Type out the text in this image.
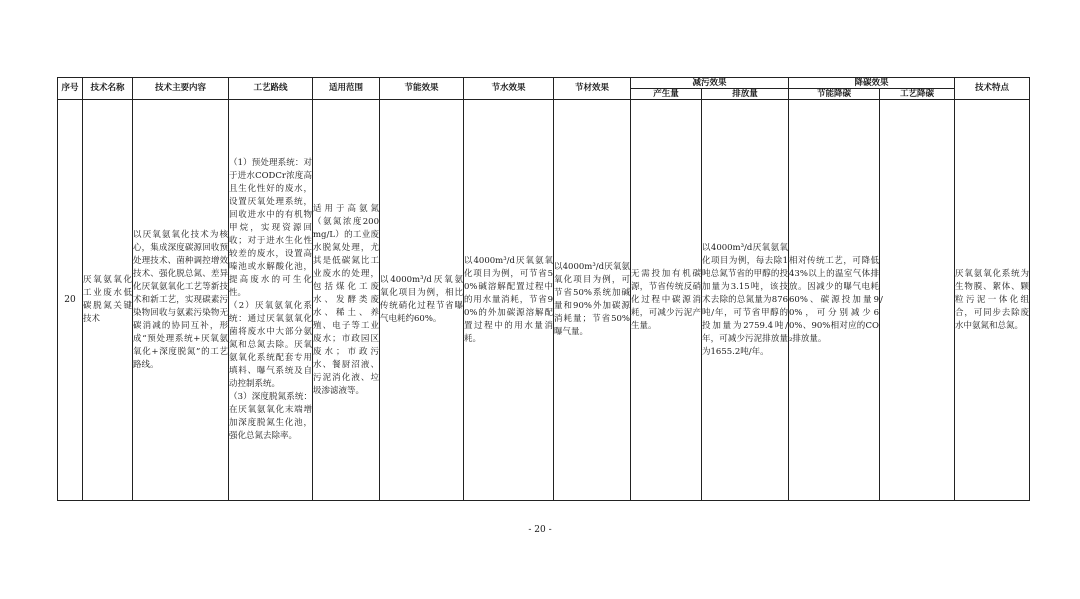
序号	技术名称	技术主要内容	工艺路线	适用范围	节能效果	节水效果	节材效果	减污效果		降碳效果		技术特点
								产生量	排放量	节能降碳	工艺降碳	
20	厌氧氨氧化工业废水低碳脱氮关键技术	以厌氧氨氧化技术为核心，集成深度碳源回收预处理技术、菌种调控增效技术、强化脱总氮、差异化厌氧氨氧化工艺等新技术和新工艺，实现碳素污染物回收与氨素污染物无碳消减的协同互补，形成“预处理系统+厌氧氨氧化+深度脱氮”的工艺路线。	（1）预处理系统：对于进水CODCr浓度高且生化性好的废水，设置厌氧处理系统，回收进水中的有机物甲烷，实现资源回收；对于进水生化性较差的废水，设置高嗪池或水解酸化池，提高废水的可生化性。
（2）厌氧氨氧化系统：通过厌氧氨氧化菌将废水中大部分氨氮和总氮去除。厌氧氨氧化系统配套专用填料、曝气系统及自动控制系统。
（3）深度脱氮系统：在厌氧氨氧化末端增加深度脱氮生化池，强化总氮去除率。	适用于高氨氮（氨氮浓度200mg/L）的工业废水脱氮处理，尤其是低碳氮比工业废水的处理，包括煤化工废水、发酵类废水、稀土、养殖、电子等工业废水；市政园区废水；市政污水、餐厨沼液、污泥消化液、垃圾渗滤液等。	以4000m³/d厌氧氨氧化项目为例，相比传统硝化过程节省曝气电耗约60%。	以4000m³/d厌氧氨氧化项目为例，可节省50%碱溶解配置过程中的用水量消耗，节省90%的外加碳源溶解配置过程中的用水量消耗。	以4000m³/d厌氧氨氧化项目为例，可节省50%系统加碱量和90%外加碳源消耗量；节省50%曝气量。	无需投加有机碳源，节省传统反硝化过程中碳源消耗，可减少污泥产生量。	以4000m³/d厌氧氨氧化项目为例，每去除1吨总氮节省的甲醇的投加量为3.15吨，该技术去除的总氮量为876吨/年，可节省甲醇的投加量为2759.4吨/年，可减少污泥排放量为1655.2吨/年。	相对传统工艺，可降低43%以上的温室气体排放。因减少的曝气电耗60%、碳源投加量90%，可分别减少60%、90%相对应的CO₂排放量。	/	厌氧氨氧化系统为生物膜、絮体、颗粒污泥一体化组合，可同步去除废水中氨氮和总氮。
- 20 -
